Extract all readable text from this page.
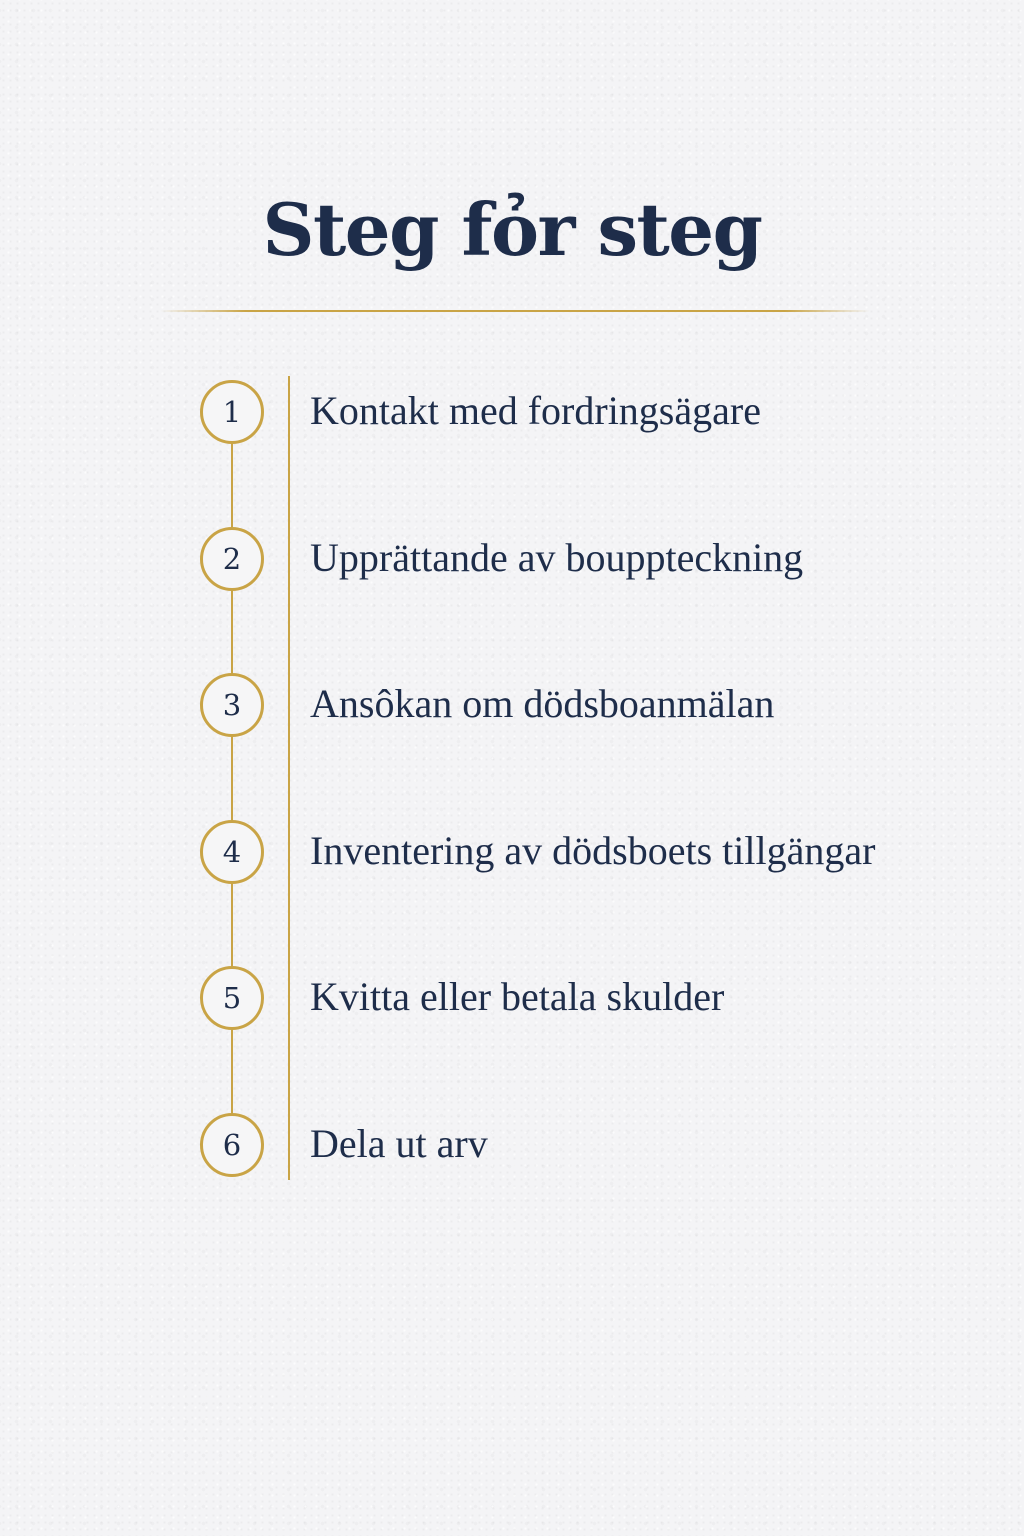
Steg fỏr steg
1	Kontakt med fordringsägare
2	Upprättande av bouppteckning
3	Ansôkan om dödsboanmälan
4	Inventering av dödsboets tillgängar
5	Kvitta eller betala skulder
6	Dela ut arv
